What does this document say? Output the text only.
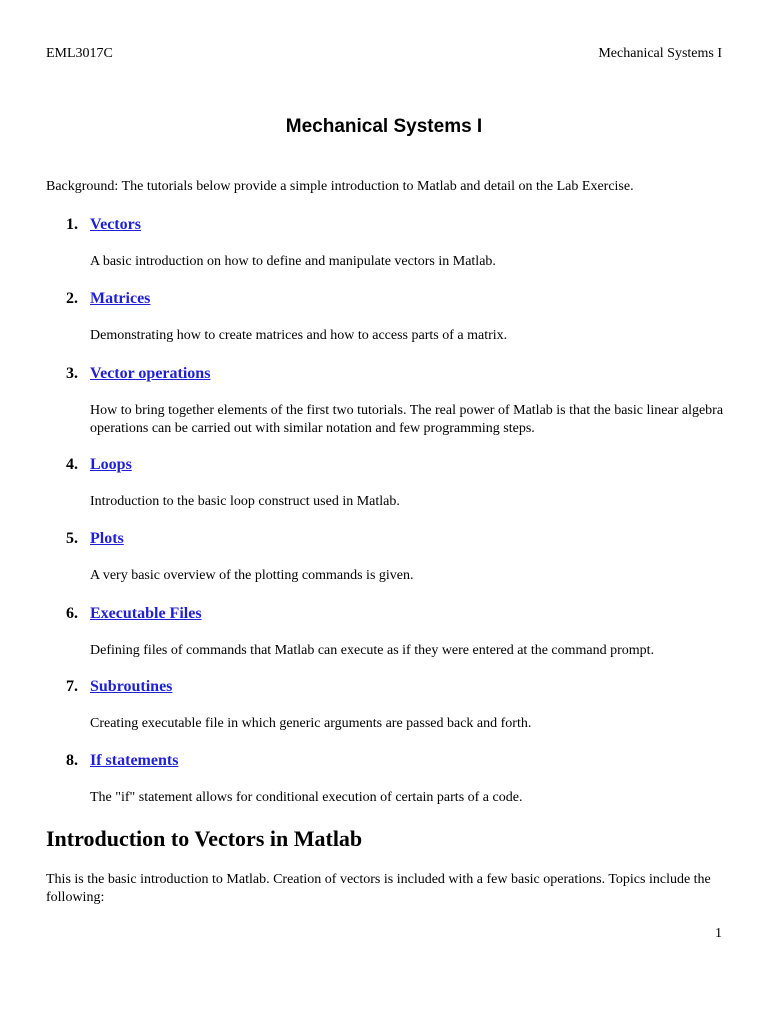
EML3017C	Mechanical Systems I
Mechanical Systems I
Background: The tutorials below provide a simple introduction to Matlab and detail on the Lab Exercise.
1. Vectors
A basic introduction on how to define and manipulate vectors in Matlab.
2. Matrices
Demonstrating how to create matrices and how to access parts of a matrix.
3. Vector operations
How to bring together elements of the first two tutorials. The real power of Matlab is that the basic linear algebra operations can be carried out with similar notation and few programming steps.
4. Loops
Introduction to the basic loop construct used in Matlab.
5. Plots
A very basic overview of the plotting commands is given.
6. Executable Files
Defining files of commands that Matlab can execute as if they were entered at the command prompt.
7. Subroutines
Creating executable file in which generic arguments are passed back and forth.
8. If statements
The "if" statement allows for conditional execution of certain parts of a code.
Introduction to Vectors in Matlab
This is the basic introduction to Matlab. Creation of vectors is included with a few basic operations. Topics include the following:
1
